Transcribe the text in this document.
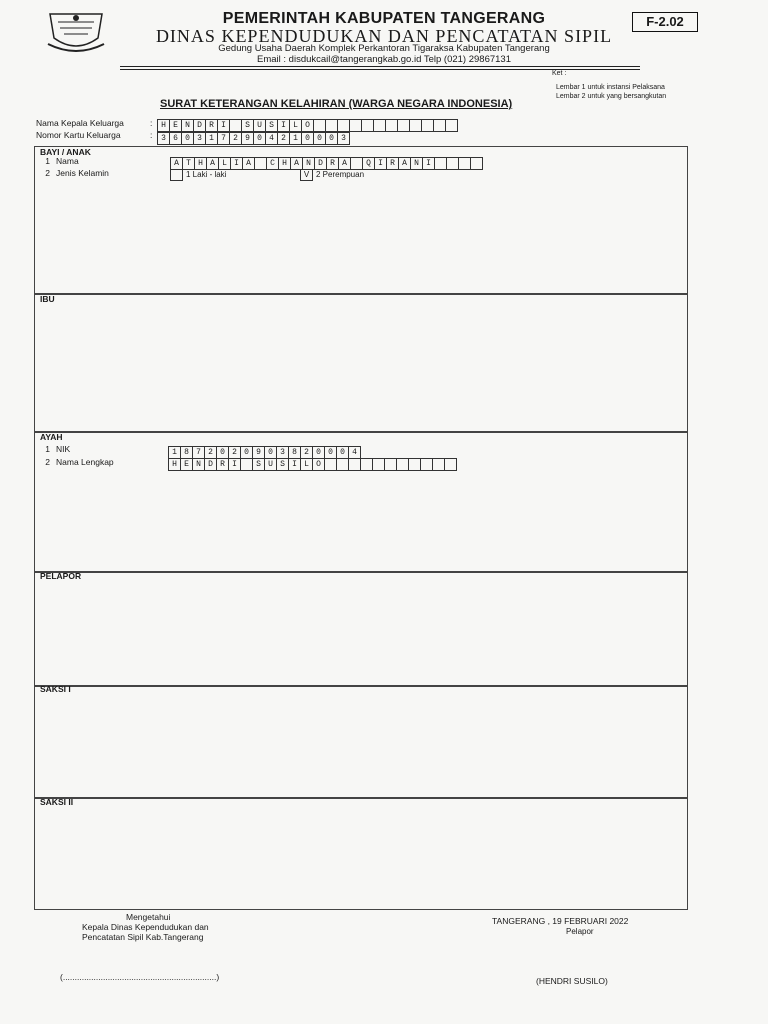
PEMERINTAH KABUPATEN TANGERANG
DINAS KEPENDUDUKAN DAN PENCATATAN SIPIL
Gedung Usaha Daerah Komplek Perkantoran Tigaraksa Kabupaten Tangerang
Email : disdukcail@tangerangkab.go.id Telp (021) 29867131
F-2.02
Ket :
Lembar 1 untuk instansi Pelaksana
Lembar 2 untuk yang bersangkutan
SURAT KETERANGAN KELAHIRAN (WARGA NEGARA INDONESIA)
Nama Kepala Keluarga	:	H E N D R I	S U S I L O
Nomor Kartu Keluarga	:	3 6 0 3 1 7 2 9 0 4 2 1 0 0 0 3
BAYI / ANAK
1 Nama	A T H A L I A	C H A N D R A	Q I R A N I
2 Jenis Kelamin	1 Laki - laki	V 2 Perempuan
IBU
AYAH
1 NIK	1 8 7 2 0 2 0 9 0 3 8 2 0 0 0 4
2 Nama Lengkap	H E N D R I	S U S I L O
PELAPOR
SAKSI I
SAKSI II
Mengetahui
Kepala Dinas Kependudukan dan
Pencatatan Sipil Kab.Tangerang
TANGERANG , 19 FEBRUARI 2022
Pelapor
(.................................................................)	(HENDRI SUSILO)
